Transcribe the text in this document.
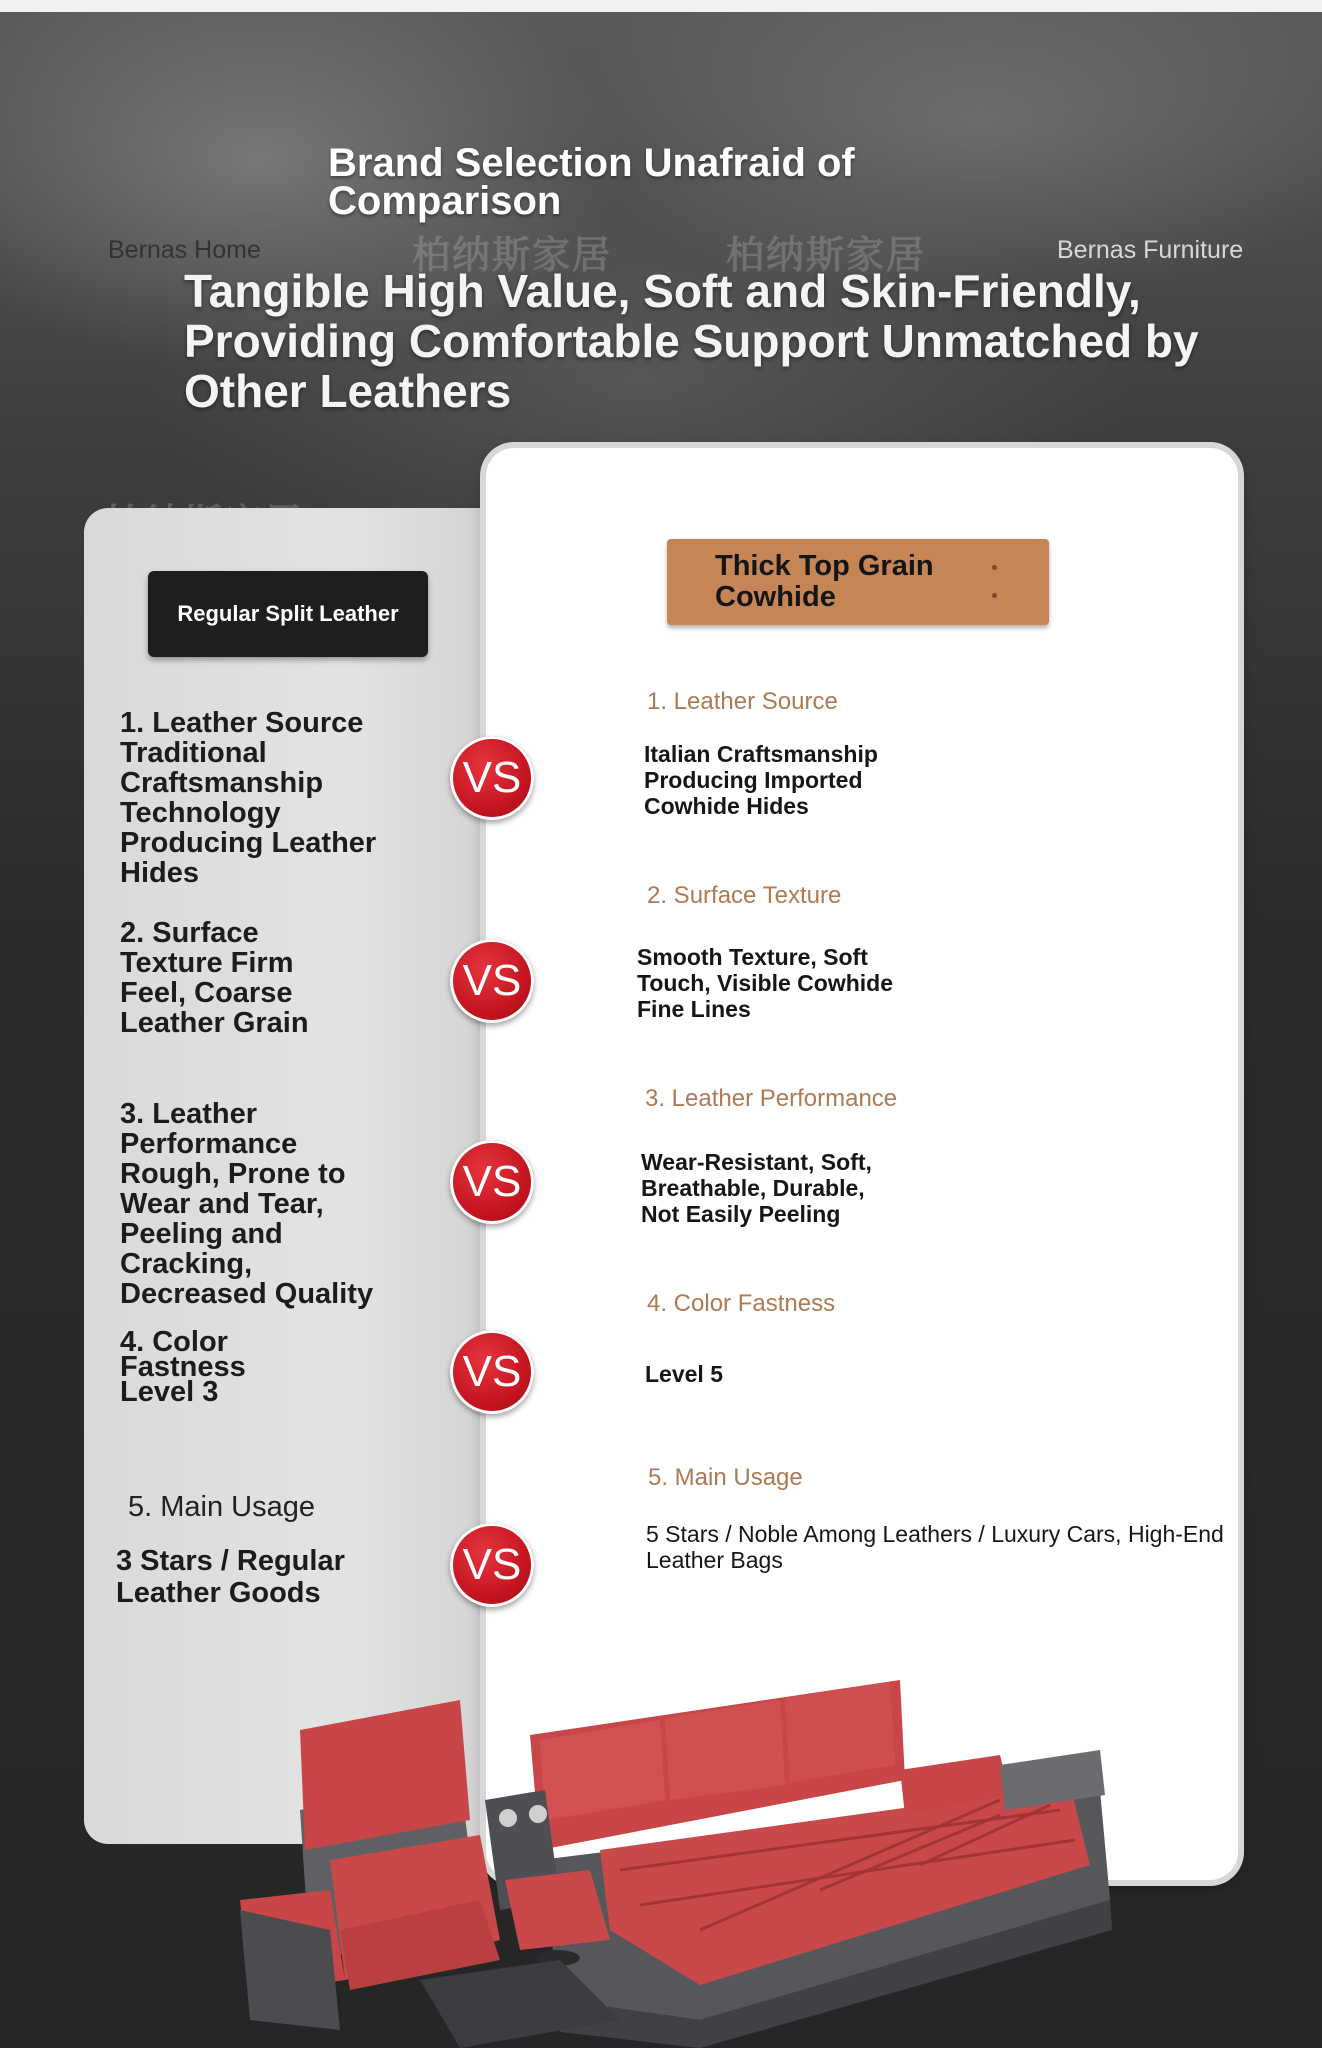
柏纳斯家居	柏纳斯家居
Brand Selection Unafraid of Comparison
Bernas Home	Bernas Furniture
Tangible High Value, Soft and Skin-Friendly, Providing Comfortable Support Unmatched by Other Leathers
Regular Split Leather
Thick Top Grain Cowhide
1. Leather Source Traditional Craftsmanship Technology Producing Leather Hides
2. Surface Texture Firm Feel, Coarse Leather Grain
3. Leather Performance Rough, Prone to Wear and Tear, Peeling and Cracking, Decreased Quality
4. Color Fastness Level 3
5. Main Usage
3 Stars / Regular Leather Goods
VS
VS
VS
VS
VS
1. Leather Source
Italian Craftsmanship Producing Imported Cowhide Hides
2. Surface Texture
Smooth Texture, Soft Touch, Visible Cowhide Fine Lines
3. Leather Performance
Wear-Resistant, Soft, Breathable, Durable, Not Easily Peeling
4. Color Fastness
Level 5
5. Main Usage
5 Stars / Noble Among Leathers / Luxury Cars, High-End Leather Bags
